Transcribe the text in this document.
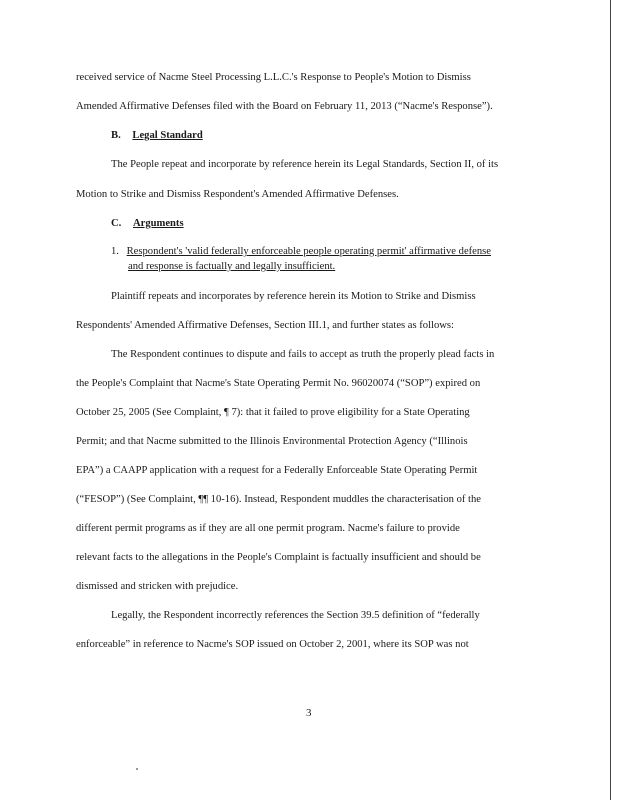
received service of Nacme Steel Processing L.L.C.'s Response to People's Motion to Dismiss
Amended Affirmative Defenses filed with the Board on February 11, 2013 (“Nacme's Response”).
B. Legal Standard
The People repeat and incorporate by reference herein its Legal Standards, Section II, of its
Motion to Strike and Dismiss Respondent's Amended Affirmative Defenses.
C. Arguments
1. Respondent's 'valid federally enforceable people operating permit' affirmative defense
and response is factually and legally insufficient.
Plaintiff repeats and incorporates by reference herein its Motion to Strike and Dismiss
Respondents' Amended Affirmative Defenses, Section III.1, and further states as follows:
The Respondent continues to dispute and fails to accept as truth the properly plead facts in
the People's Complaint that Nacme's State Operating Permit No. 96020074 (“SOP”) expired on
October 25, 2005 (See Complaint, ¶ 7): that it failed to prove eligibility for a State Operating
Permit; and that Nacme submitted to the Illinois Environmental Protection Agency (“Illinois
EPA”) a CAAPP application with a request for a Federally Enforceable State Operating Permit
(“FESOP”) (See Complaint, ¶¶ 10-16). Instead, Respondent muddles the characterisation of the
different permit programs as if they are all one permit program. Nacme's failure to provide
relevant facts to the allegations in the People's Complaint is factually insufficient and should be
dismissed and stricken with prejudice.
Legally, the Respondent incorrectly references the Section 39.5 definition of “federally
enforceable” in reference to Nacme's SOP issued on October 2, 2001, where its SOP was not
3
